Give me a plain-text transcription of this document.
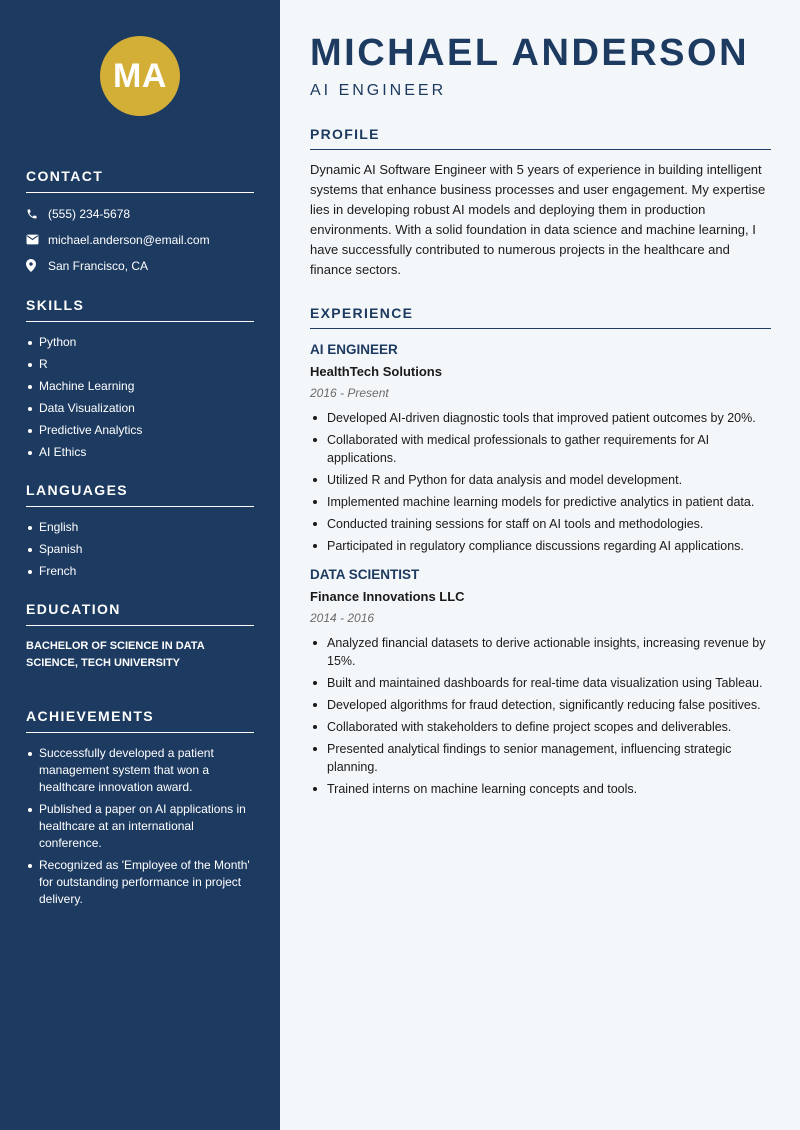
MA
CONTACT
(555) 234-5678
michael.anderson@email.com
San Francisco, CA
SKILLS
Python
R
Machine Learning
Data Visualization
Predictive Analytics
AI Ethics
LANGUAGES
English
Spanish
French
EDUCATION
BACHELOR OF SCIENCE IN DATA SCIENCE, TECH UNIVERSITY
ACHIEVEMENTS
Successfully developed a patient management system that won a healthcare innovation award.
Published a paper on AI applications in healthcare at an international conference.
Recognized as 'Employee of the Month' for outstanding performance in project delivery.
MICHAEL ANDERSON
AI ENGINEER
PROFILE

Dynamic AI Software Engineer with 5 years of experience in building intelligent systems that enhance business processes and user engagement. My expertise lies in developing robust AI models and deploying them in production environments. With a solid foundation in data science and machine learning, I have successfully contributed to numerous projects in the healthcare and finance sectors.

EXPERIENCE
AI ENGINEER
HealthTech Solutions
2016 - Present
Developed AI-driven diagnostic tools that improved patient outcomes by 20%.
Collaborated with medical professionals to gather requirements for AI applications.
Utilized R and Python for data analysis and model development.
Implemented machine learning models for predictive analytics in patient data.
Conducted training sessions for staff on AI tools and methodologies.
Participated in regulatory compliance discussions regarding AI applications.
DATA SCIENTIST
Finance Innovations LLC
2014 - 2016
Analyzed financial datasets to derive actionable insights, increasing revenue by 15%.
Built and maintained dashboards for real-time data visualization using Tableau.
Developed algorithms for fraud detection, significantly reducing false positives.
Collaborated with stakeholders to define project scopes and deliverables.
Presented analytical findings to senior management, influencing strategic planning.
Trained interns on machine learning concepts and tools.
